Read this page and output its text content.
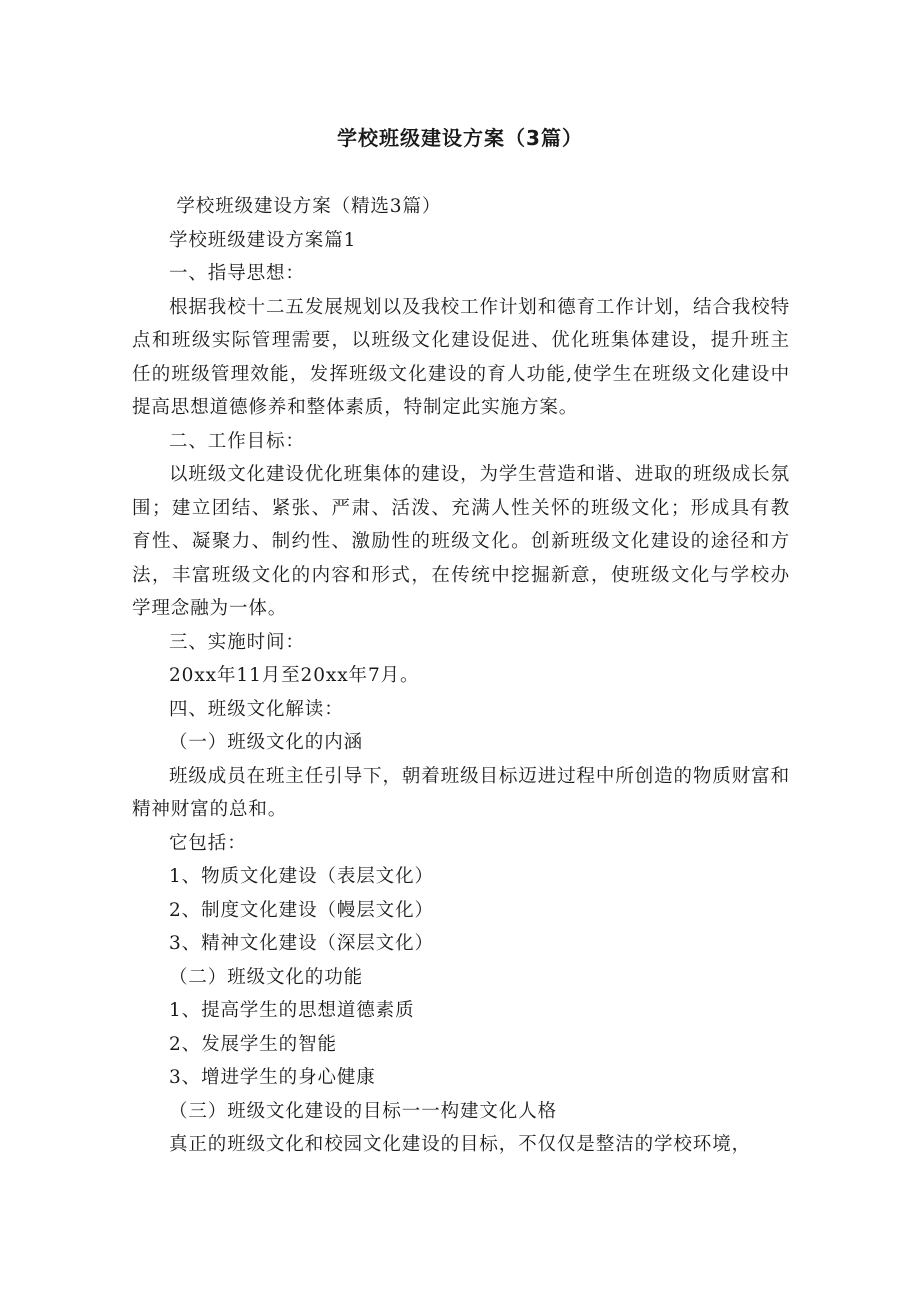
学校班级建设方案（3篇）

学校班级建设方案（精选3篇）

学校班级建设方案篇1

一、指导思想：

根据我校十二五发展规划以及我校工作计划和德育工作计划，结合我校特点和班级实际管理需要，以班级文化建设促进、优化班集体建设，提升班主任的班级管理效能，发挥班级文化建设的育人功能,使学生在班级文化建设中提高思想道德修养和整体素质，特制定此实施方案。

二、工作目标：

以班级文化建设优化班集体的建设，为学生营造和谐、进取的班级成长氛围；建立团结、紧张、严肃、活泼、充满人性关怀的班级文化；形成具有教育性、凝聚力、制约性、激励性的班级文化。创新班级文化建设的途径和方法，丰富班级文化的内容和形式，在传统中挖掘新意，使班级文化与学校办学理念融为一体。

三、实施时间：

20xx年11月至20xx年7月。

四、班级文化解读：

（一）班级文化的内涵

班级成员在班主任引导下，朝着班级目标迈进过程中所创造的物质财富和精神财富的总和。

它包括：

1、物质文化建设（表层文化）

2、制度文化建设（幔层文化）

3、精神文化建设（深层文化）

（二）班级文化的功能

1、提高学生的思想道德素质

2、发展学生的智能

3、增进学生的身心健康

（三）班级文化建设的目标一一构建文化人格

真正的班级文化和校园文化建设的目标，不仅仅是整洁的学校环境，
